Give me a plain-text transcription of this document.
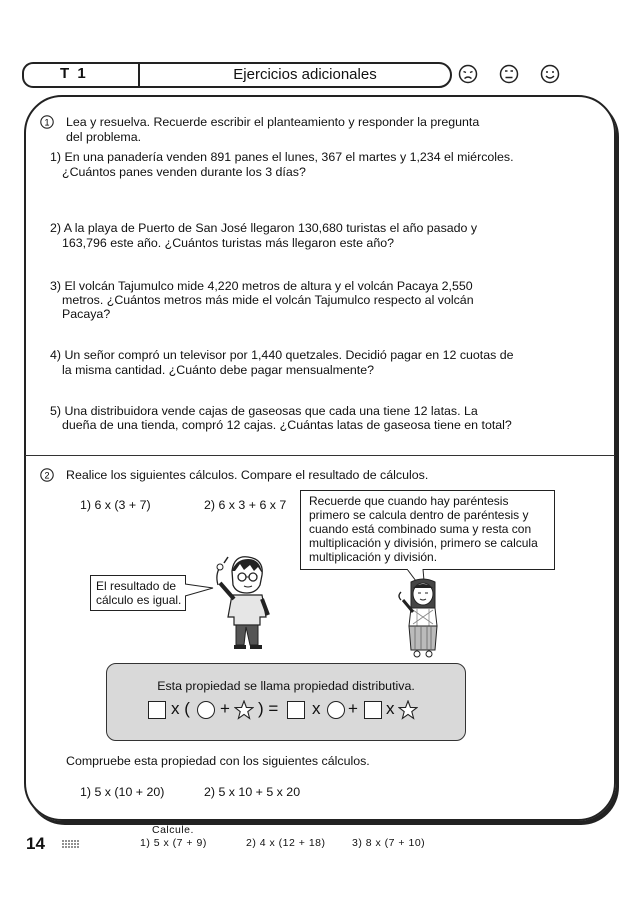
T 1	Ejercicios adicionales
1 Lea y resuelva. Recuerde escribir el planteamiento y responder la pregunta
del problema.
1) En una panadería venden 891 panes el lunes, 367 el martes y 1,234 el miércoles.
¿Cuántos panes venden durante los 3 días?
2) A la playa de Puerto de San José llegaron 130,680 turistas el año pasado y
163,796 este año. ¿Cuántos turistas más llegaron este año?
3) El volcán Tajumulco mide 4,220 metros de altura y el volcán Pacaya 2,550
metros. ¿Cuántos metros más mide el volcán Tajumulco respecto al volcán
Pacaya?
4) Un señor compró un televisor por 1,440 quetzales. Decidió pagar en 12 cuotas de
la misma cantidad. ¿Cuánto debe pagar mensualmente?
5) Una distribuidora vende cajas de gaseosas que cada una tiene 12 latas. La
dueña de una tienda, compró 12 cajas. ¿Cuántas latas de gaseosa tiene en total?
2 Realice los siguientes cálculos. Compare el resultado de cálculos.
1) 6 x (3 + 7)	2) 6 x 3 + 6 x 7 Recuerde que cuando hay paréntesis
primero se calcula dentro de paréntesis y
cuando está combinado suma y resta con
multiplicación y división, primero se calcula
multiplicación y división.
El resultado de
cálculo es igual.
Esta propiedad se llama propiedad distributiva.
x ( + ) = x + x
Compruebe esta propiedad con los siguientes cálculos.
1) 5 x (10 + 20)	2) 5 x 10 + 5 x 20
14
Calcule.
1) 5 x (7 + 9)	2) 4 x (12 + 18)	3) 8 x (7 + 10)
